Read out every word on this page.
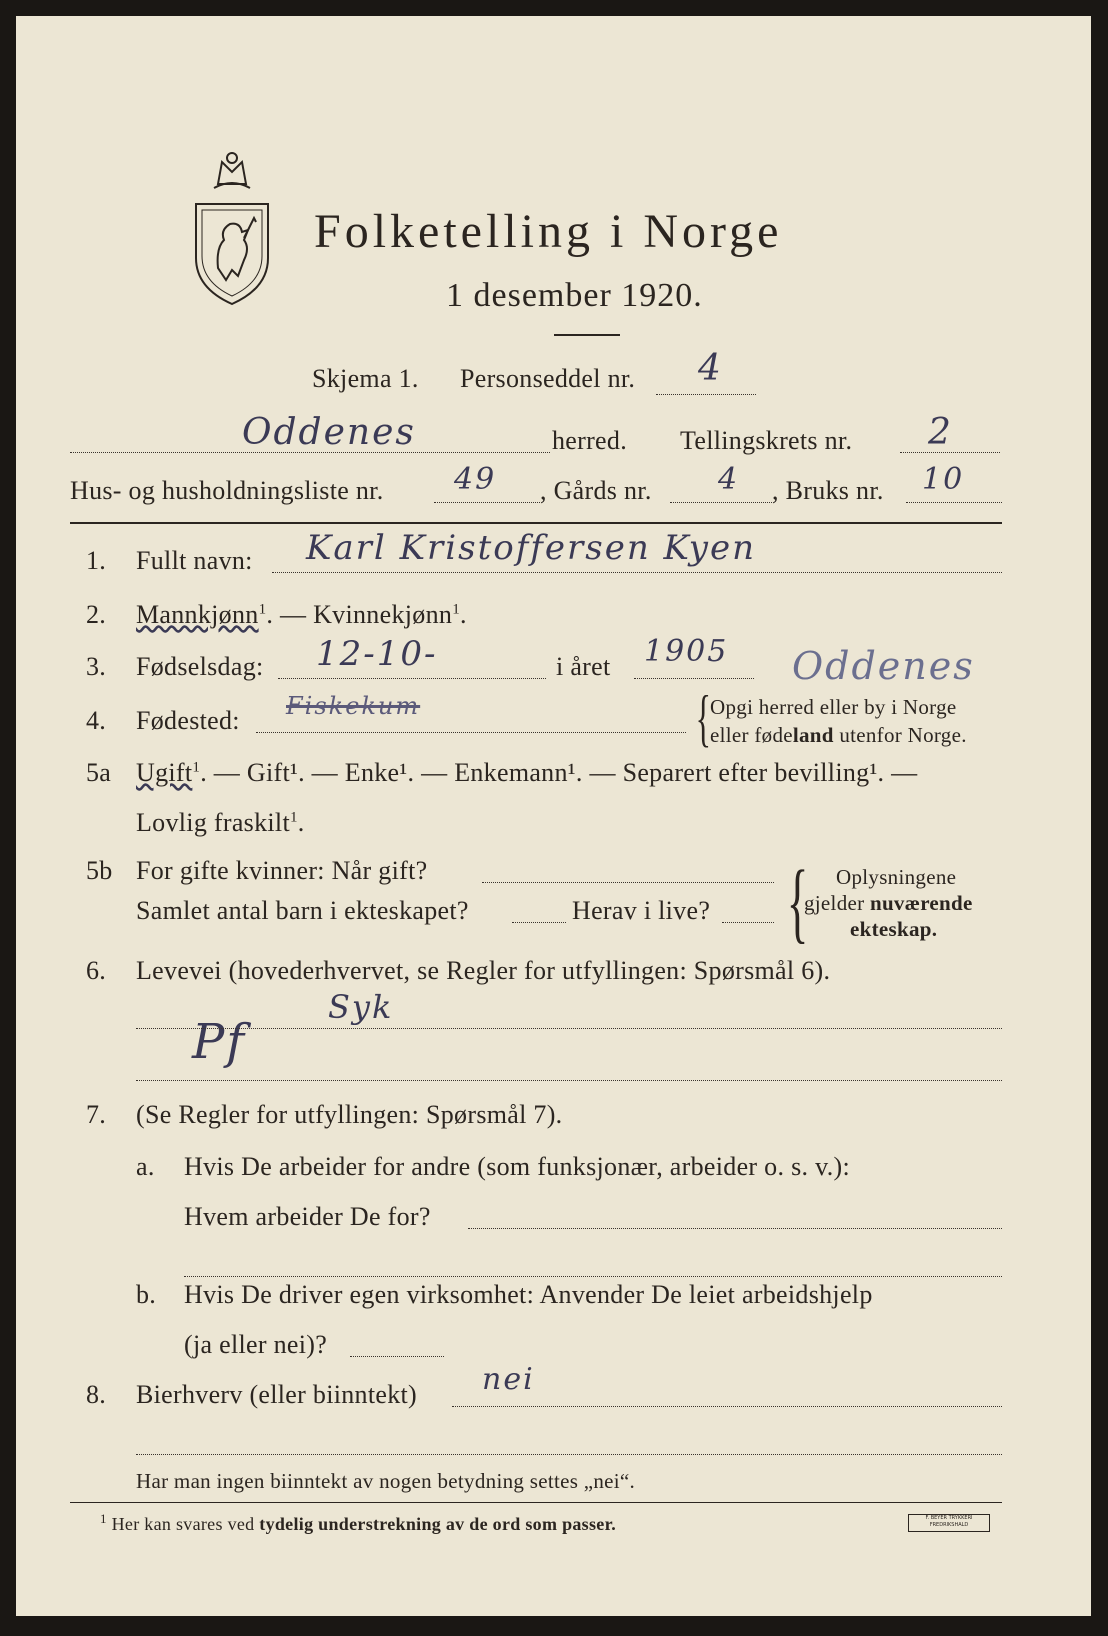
Folketelling i Norge
1 desember 1920.
Skjema 1. Personseddel nr. 4
Oddenes	herred. Tellingskrets nr. 2
Hus- og husholdningsliste nr. 49 , Gårds nr. 4 , Bruks nr. 10
1. Fullt navn: Karl Kristoffersen Kyen
2. Mannkjønn$^1$. — Kvinnekjønn$^1$.
3. Fødselsdag: 12-10-	i året 1905 Oddenes
4. Fødested: Fiskekum	{
Opgi herred eller by i Norge
eller fødeland utenfor Norge.
5a Ugift$^1$. — Gift¹. — Enke¹. — Enkemann¹. — Separert efter bevilling¹. —
Lovlig fraskilt$^1$.
5b For gifte kvinner: Når gift?
Samlet antal barn i ekteskapet?	Herav i live? { Oplysningene
gjelder nuværende
ekteskap.
6. Levevei (hovederhvervet, se Regler for utfyllingen: Spørsmål 6).
Syk
Pf
7. (Se Regler for utfyllingen: Spørsmål 7).
a. Hvis De arbeider for andre (som funksjonær, arbeider o. s. v.):
Hvem arbeider De for?
b. Hvis De driver egen virksomhet: Anvender De leiet arbeidshjelp
(ja eller nei)?
8. Bierhverv (eller biinntekt) nei
Har man ingen biinntekt av nogen betydning settes „nei“.
$^1$ Her kan svares ved tydelig understrekning av de ord som passer.	F. BEYER TRYKKERI FREDRIKSHALD
